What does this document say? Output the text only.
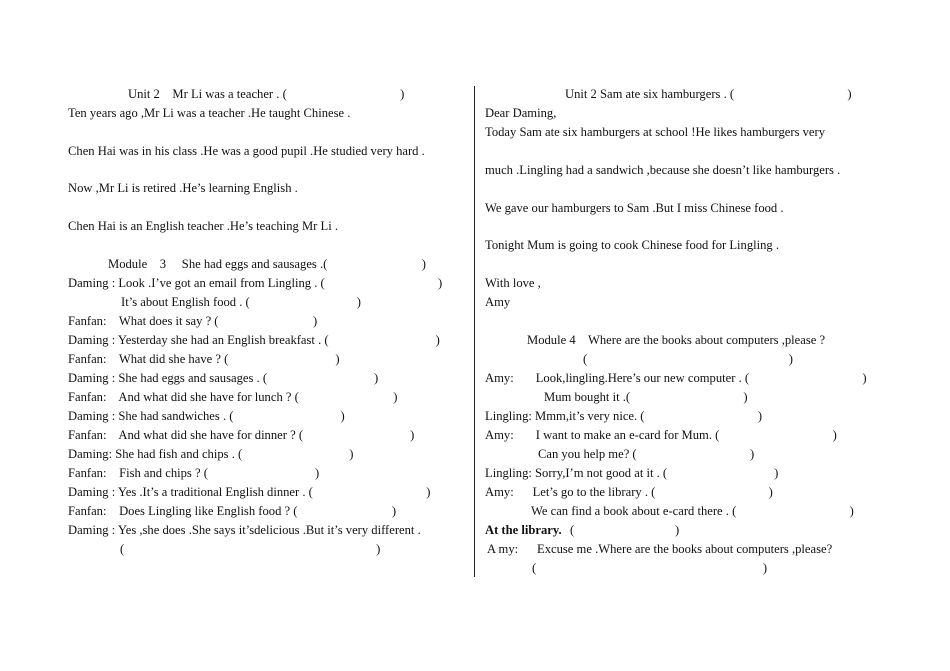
Unit 2    Mr Li was a teacher . (                                    )
Ten years ago ,Mr Li was a teacher .He taught Chinese .
Chen Hai was in his class .He was a good pupil .He studied very hard .
Now ,Mr Li is retired .He’s learning English .
Chen Hai is an English teacher .He’s teaching Mr Li .
Module    3     She had eggs and sausages .(                              )
Daming : Look .I’ve got an email from Lingling . (                                    )
It’s about English food . (                                  )
Fanfan:    What does it say ? (                              )
Daming : Yesterday she had an English breakfast . (                                  )
Fanfan:    What did she have ? (                                  )
Daming : She had eggs and sausages . (                                  )
Fanfan:    And what did she have for lunch ? (                              )
Daming : She had sandwiches . (                                  )
Fanfan:    And what did she have for dinner ? (                                  )
Daming: She had fish and chips . (                                  )
Fanfan:    Fish and chips ? (                                  )
Daming : Yes .It’s a traditional English dinner . (                                    )
Fanfan:    Does Lingling like English food ? (                              )
Daming : Yes ,she does .She says it’sdelicious .But it’s very different .
(                                                                                )
Unit 2 Sam ate six hamburgers . (                                    )
Dear Daming,
Today Sam ate six hamburgers at school !He likes hamburgers very
much .Lingling had a sandwich ,because she doesn’t like hamburgers .
We gave our hamburgers to Sam .But I miss Chinese food .
Tonight Mum is going to cook Chinese food for Lingling .
With love ,
Amy
Module 4    Where are the books about computers ,please ?
(                                                                )
Amy:       Look,lingling.Here’s our new computer . (                                    )
Mum bought it .(                                    )
Lingling: Mmm,it’s very nice. (                                    )
Amy:       I want to make an e-card for Mum. (                                    )
Can you help me? (                                    )
Lingling: Sorry,I’m not good at it . (                                  )
Amy:      Let’s go to the library . (                                    )
We can find a book about e-card there . (                                    )
At the library. (                                )
A my:      Excuse me .Where are the books about computers ,please?
(                                                                        )
